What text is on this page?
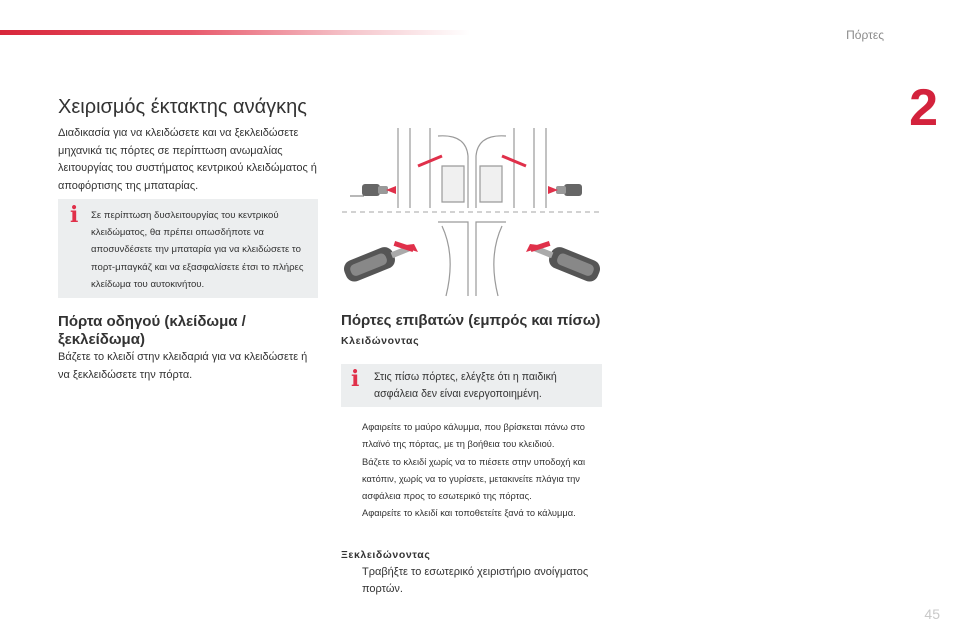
Πόρτες
2
Χειρισμός έκτακτης ανάγκης

Διαδικασία για να κλειδώσετε και να ξεκλειδώσετε μηχανικά τις πόρτες σε περίπτωση ανωμαλίας λειτουργίας του συστήματος κεντρικού κλειδώματος ή αποφόρτισης της μπαταρίας.

i Σε περίπτωση δυσλειτουργίας του κεντρικού κλειδώματος, θα πρέπει οπωσδήποτε να αποσυνδέσετε την μπαταρία για να κλειδώσετε το πορτ-μπαγκάζ και να εξασφαλίσετε έτσι το πλήρες κλείδωμα του αυτοκινήτου.

Πόρτα οδηγού (κλείδωμα / ξεκλείδωμα)

Βάζετε το κλειδί στην κλειδαριά για να κλειδώσετε ή να ξεκλειδώσετε την πόρτα.

Πόρτες επιβατών (εμπρός και πίσω)
Κλειδώνοντας
i Στις πίσω πόρτες, ελέγξτε ότι η παιδική ασφάλεια δεν είναι ενεργοποιημένη.

Αφαιρείτε το μαύρο κάλυμμα, που βρίσκεται πάνω στο πλαϊνό της πόρτας, με τη βοήθεια του κλειδιού.
Βάζετε το κλειδί χωρίς να το πιέσετε στην υποδοχή και κατόπιν, χωρίς να το γυρίσετε, μετακινείτε πλάγια την ασφάλεια προς το εσωτερικό της πόρτας.
Αφαιρείτε το κλειδί και τοποθετείτε ξανά το κάλυμμα.
Ξεκλειδώνοντας
Τραβήξτε το εσωτερικό χειριστήριο ανοίγματος πορτών.
45
